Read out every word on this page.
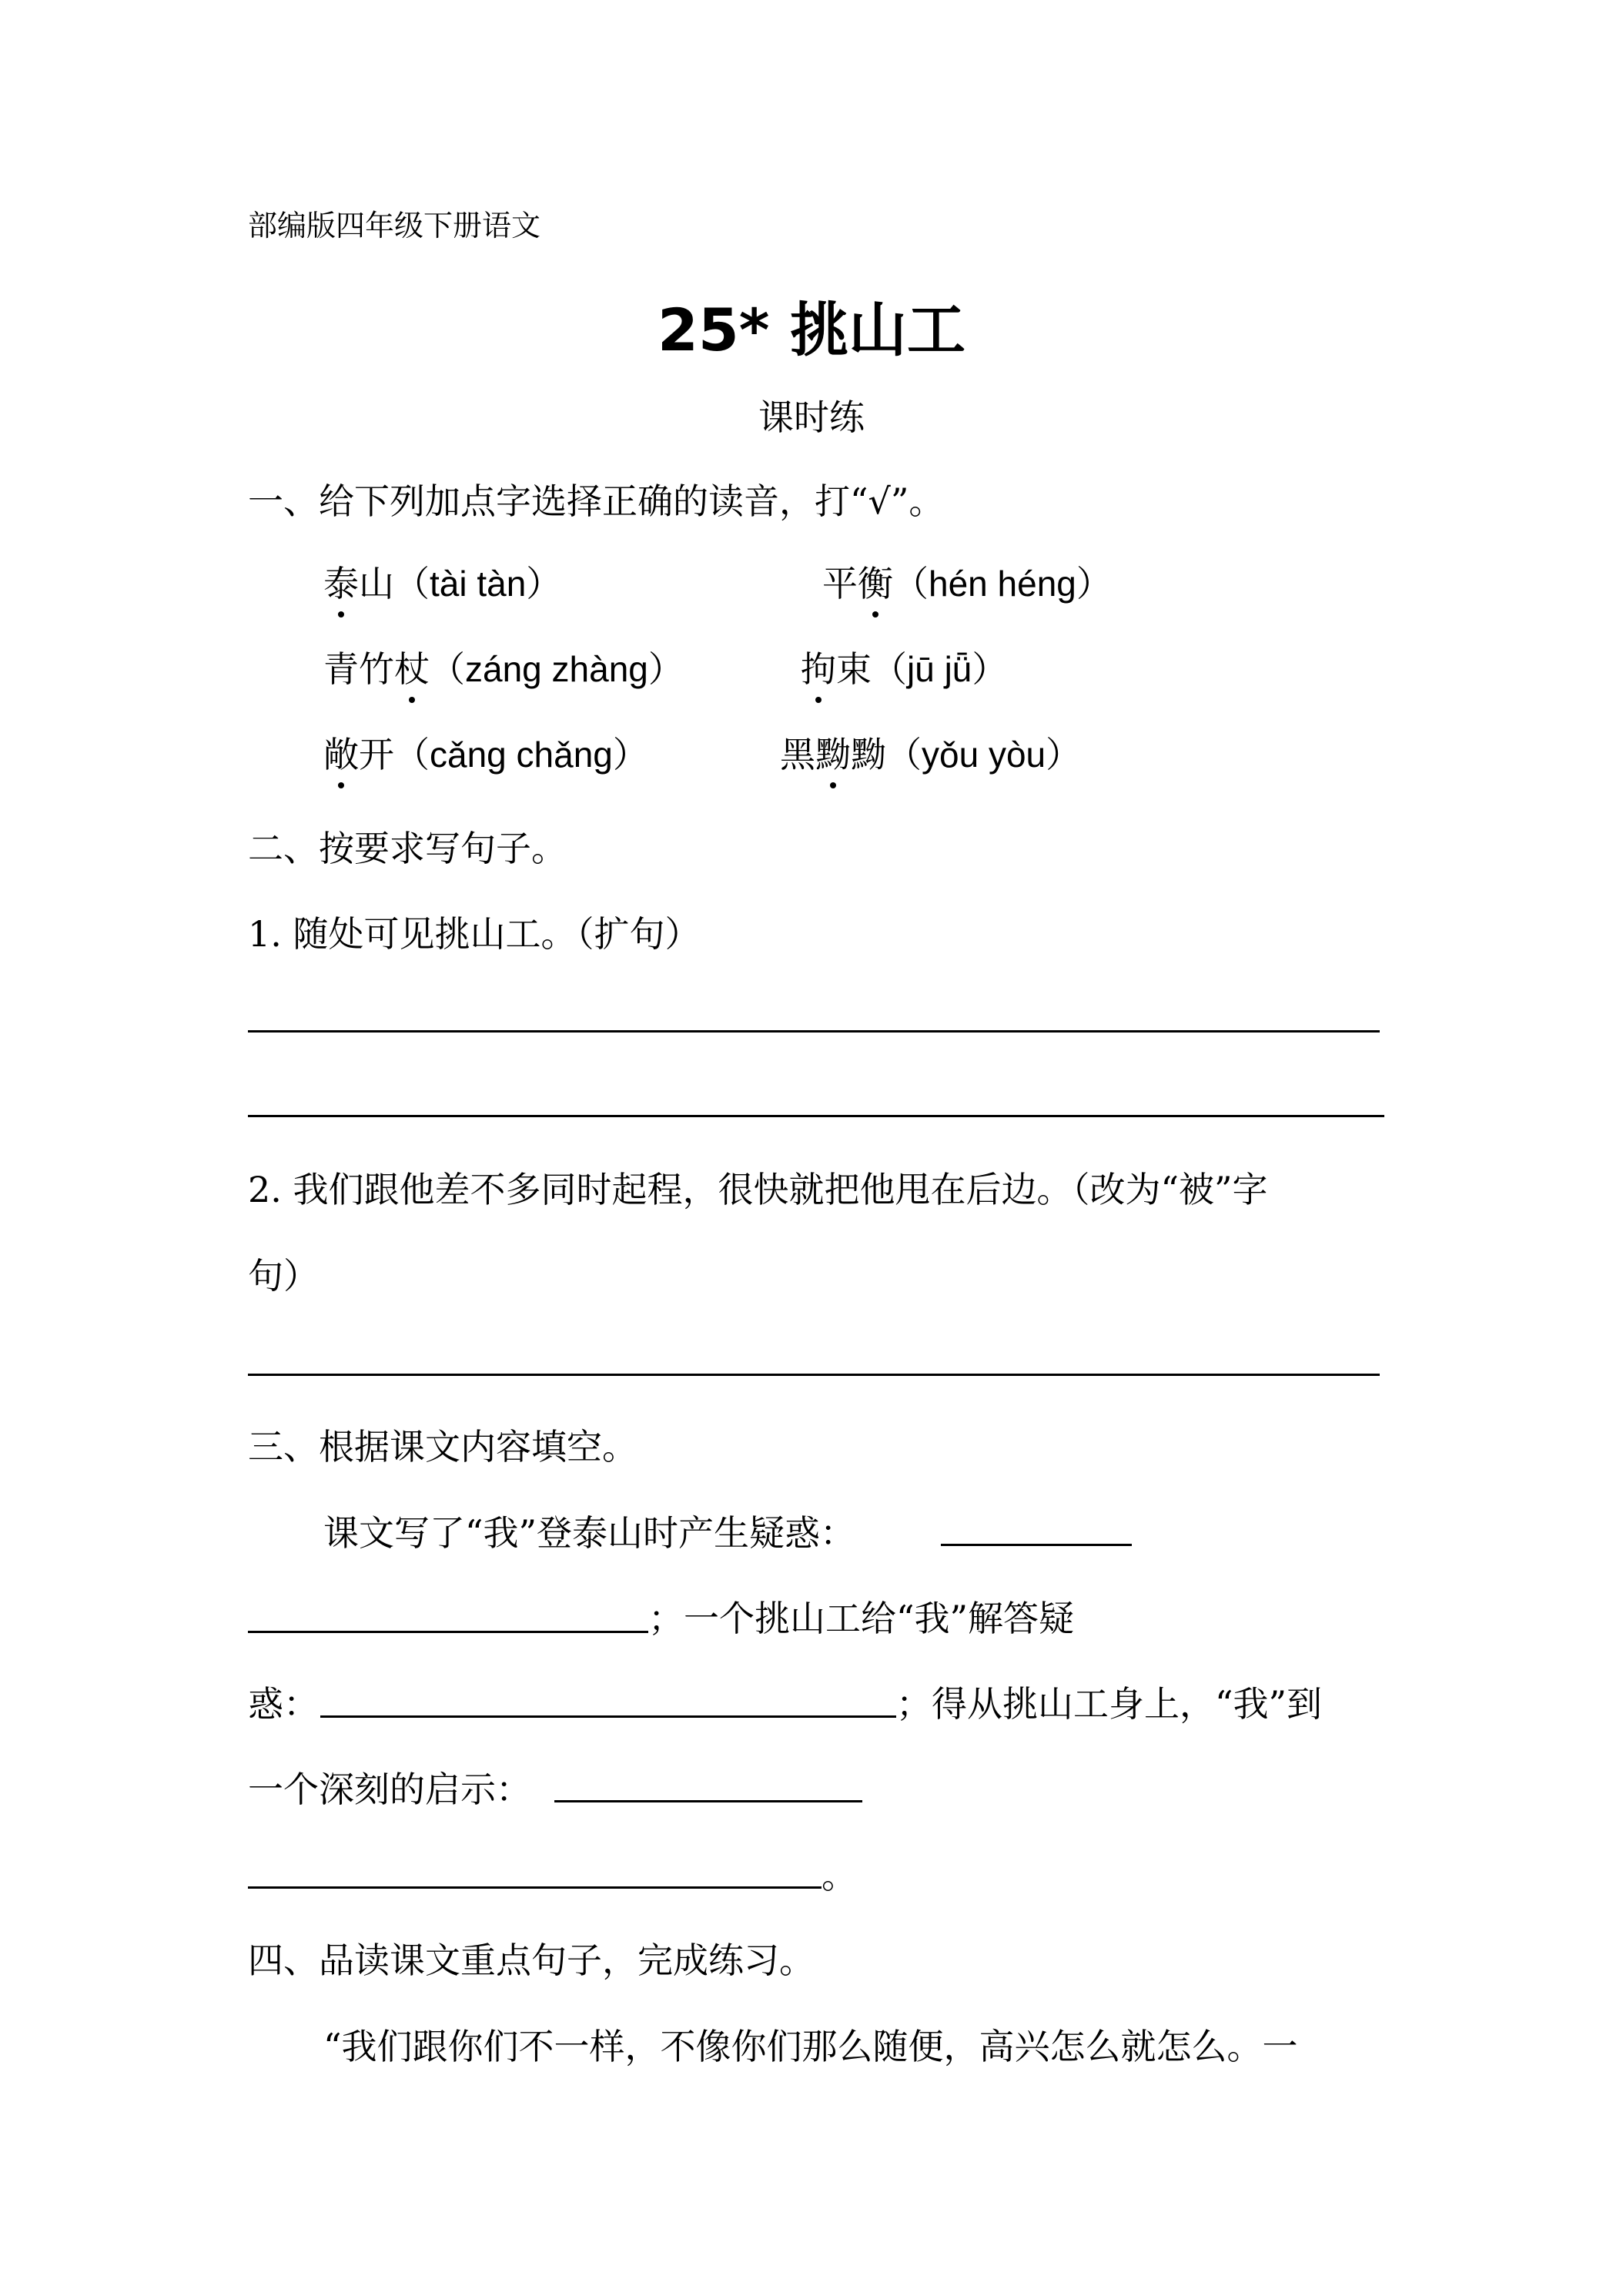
部编版四年级下册语文
25* 挑山工
课时练
一、给下列加点字选择正确的读音，打“√”。
泰山（tài tàn）	平衡（hén héng）
青竹杖（zánɡ zhànɡ）	拘束（jū jǖ）
敞开（cǎnɡ chǎnɡ）	黑黝黝（yǒu yòu）
二、按要求写句子。
1. 随处可见挑山工。（扩句）
2. 我们跟他差不多同时起程，很快就把他甩在后边。（改为“被”字
句）
三、根据课文内容填空。
课文写了“我”登泰山时产生疑惑：
；一个挑山工给“我”解答疑
惑：	；得从挑山工身上，“我”到
一个深刻的启示：
。
四、品读课文重点句子，完成练习。
“我们跟你们不一样，不像你们那么随便，高兴怎么就怎么。一
